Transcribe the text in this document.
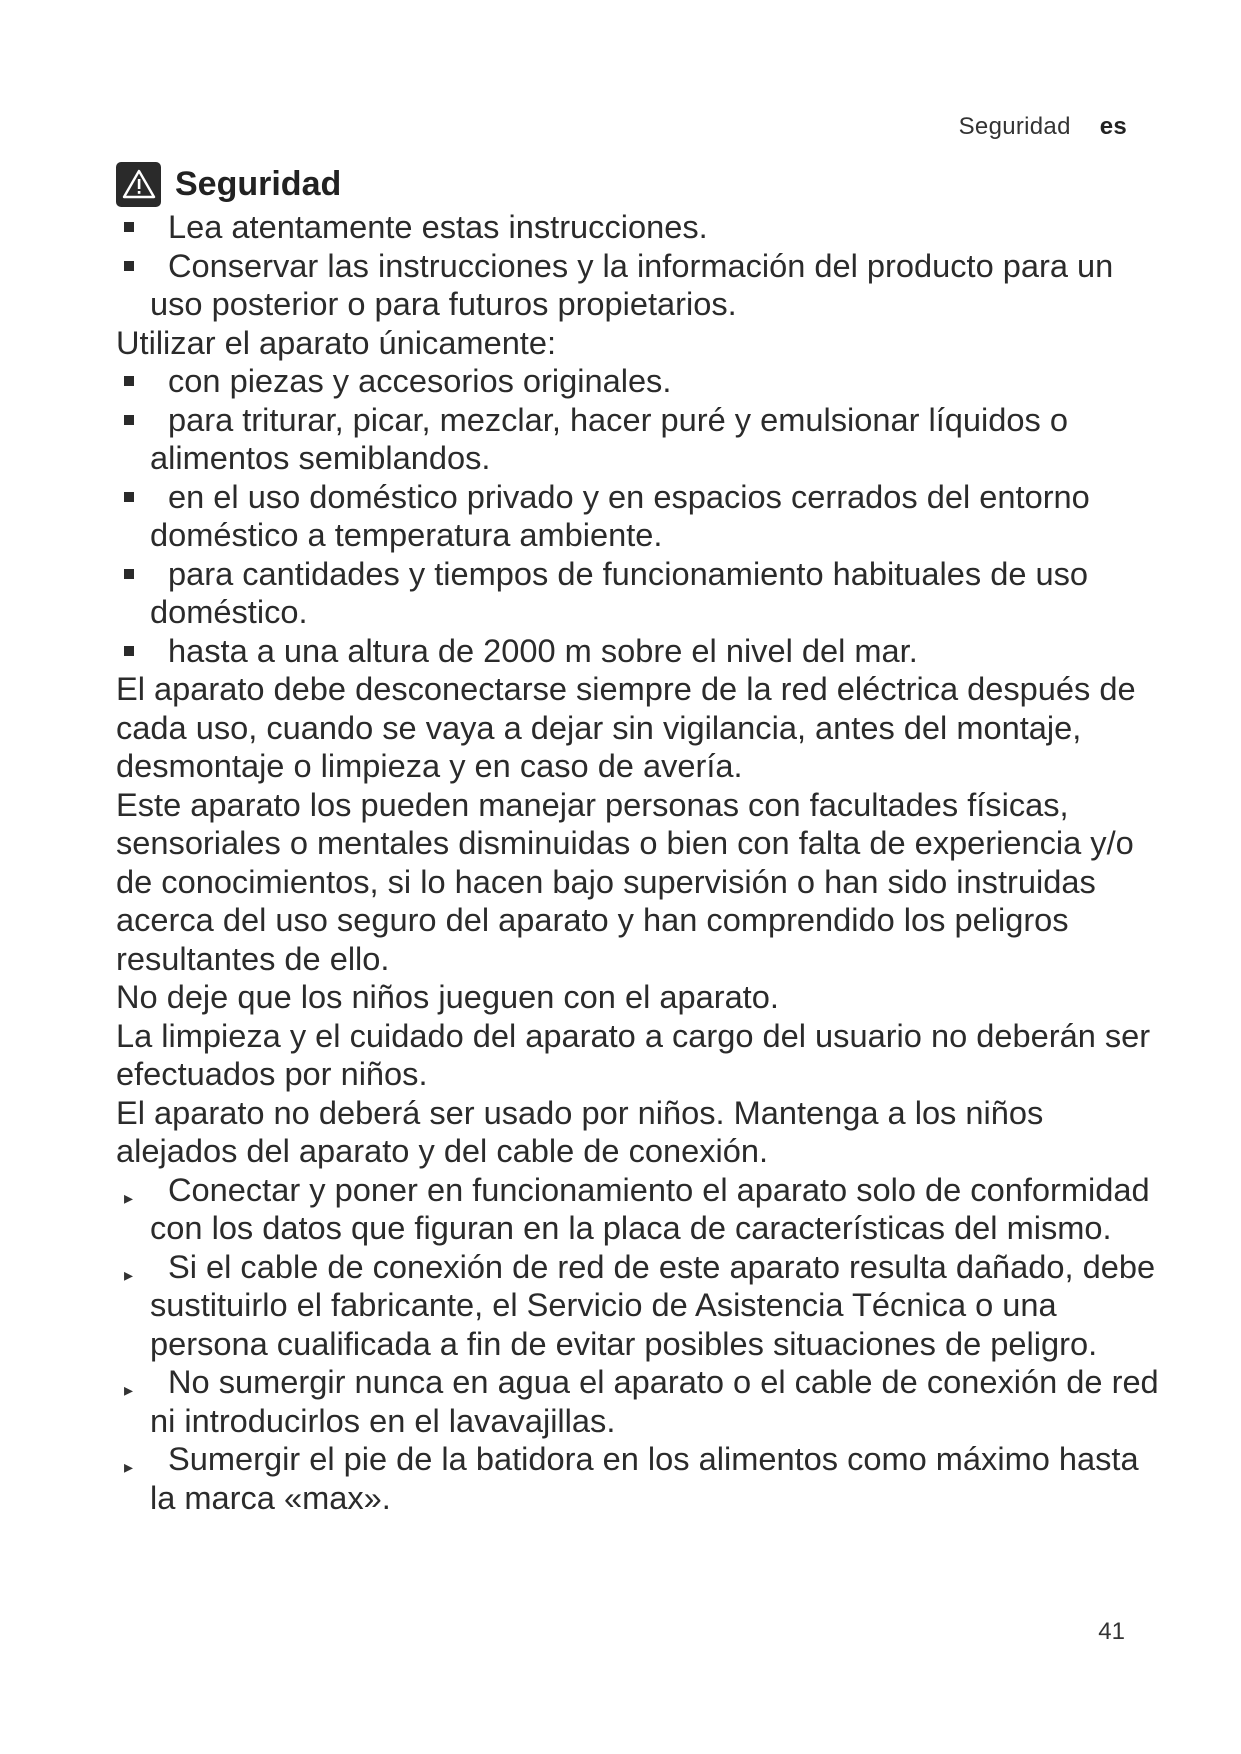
Seguridad es
Seguridad
Lea atentamente estas instrucciones.
Conservar las instrucciones y la información del producto para un uso posterior o para futuros propietarios.

Utilizar el aparato únicamente:

con piezas y accesorios originales.
para triturar, picar, mezclar, hacer puré y emulsionar líquidos o alimentos semiblandos.
en el uso doméstico privado y en espacios cerrados del entorno doméstico a temperatura ambiente.
para cantidades y tiempos de funcionamiento habituales de uso doméstico.
hasta a una altura de 2000 m sobre el nivel del mar.

El aparato debe desconectarse siempre de la red eléctrica después de cada uso, cuando se vaya a dejar sin vigilancia, antes del montaje, desmontaje o limpieza y en caso de avería.

Este aparato los pueden manejar personas con facultades físicas, sensoriales o mentales disminuidas o bien con falta de experiencia y/o de conocimientos, si lo hacen bajo supervisión o han sido instruidas acerca del uso seguro del aparato y han comprendido los peligros resultantes de ello.

No deje que los niños jueguen con el aparato.

La limpieza y el cuidado del aparato a cargo del usuario no deberán ser efectuados por niños.

El aparato no deberá ser usado por niños. Mantenga a los niños alejados del aparato y del cable de conexión.

▸ Conectar y poner en funcionamiento el aparato solo de conformidad con los datos que figuran en la placa de características del mismo.
▸ Si el cable de conexión de red de este aparato resulta dañado, debe sustituirlo el fabricante, el Servicio de Asistencia Técnica o una persona cualificada a fin de evitar posibles situaciones de peligro.
▸ No sumergir nunca en agua el aparato o el cable de conexión de red ni introducirlos en el lavavajillas.
▸ Sumergir el pie de la batidora en los alimentos como máximo hasta la marca «max».
41
